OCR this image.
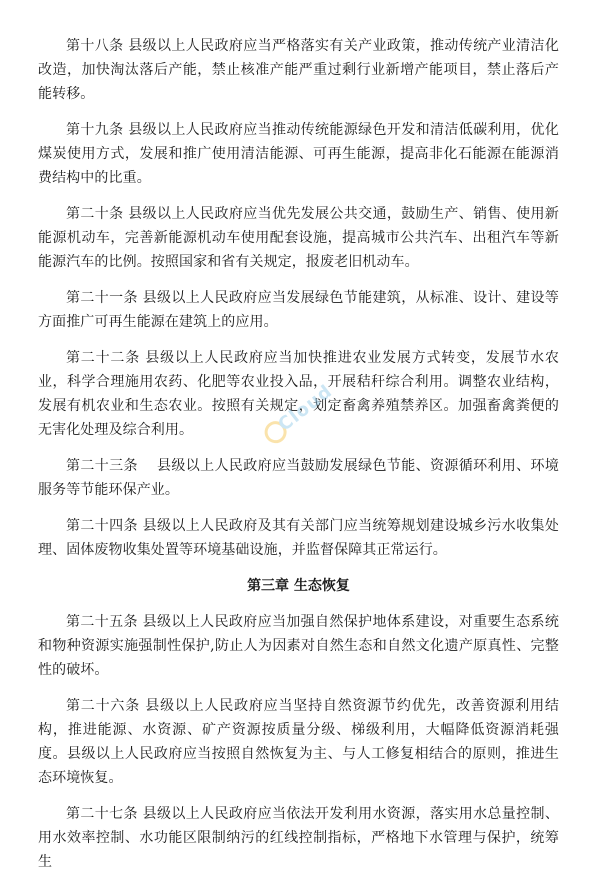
第十八条 县级以上人民政府应当严格落实有关产业政策，推动传统产业清洁化改造，加快淘汰落后产能，禁止核准产能严重过剩行业新增产能项目，禁止落后产能转移。

第十九条 县级以上人民政府应当推动传统能源绿色开发和清洁低碳利用，优化煤炭使用方式，发展和推广使用清洁能源、可再生能源，提高非化石能源在能源消费结构中的比重。

第二十条 县级以上人民政府应当优先发展公共交通，鼓励生产、销售、使用新能源机动车，完善新能源机动车使用配套设施，提高城市公共汽车、出租汽车等新能源汽车的比例。按照国家和省有关规定，报废老旧机动车。

第二十一条 县级以上人民政府应当发展绿色节能建筑，从标准、设计、建设等方面推广可再生能源在建筑上的应用。

第二十二条 县级以上人民政府应当加快推进农业发展方式转变，发展节水农业，科学合理施用农药、化肥等农业投入品，开展秸秆综合利用。调整农业结构，发展有机农业和生态农业。按照有关规定，划定畜禽养殖禁养区。加强畜禽粪便的无害化处理及综合利用。

第二十三条 　县级以上人民政府应当鼓励发展绿色节能、资源循环利用、环境服务等节能环保产业。

第二十四条 县级以上人民政府及其有关部门应当统筹规划建设城乡污水收集处理、固体废物收集处置等环境基础设施，并监督保障其正常运行。

第三章 生态恢复

第二十五条 县级以上人民政府应当加强自然保护地体系建设，对重要生态系统和物种资源实施强制性保护,防止人为因素对自然生态和自然文化遗产原真性、完整性的破坏。

第二十六条 县级以上人民政府应当坚持自然资源节约优先，改善资源利用结构，推进能源、水资源、矿产资源按质量分级、梯级利用，大幅降低资源消耗强度。县级以上人民政府应当按照自然恢复为主、与人工修复相结合的原则，推进生态环境恢复。

第二十七条 县级以上人民政府应当依法开发利用水资源，落实用水总量控制、用水效率控制、水功能区限制纳污的红线控制指标，严格地下水管理与保护，统筹生

Cloud
